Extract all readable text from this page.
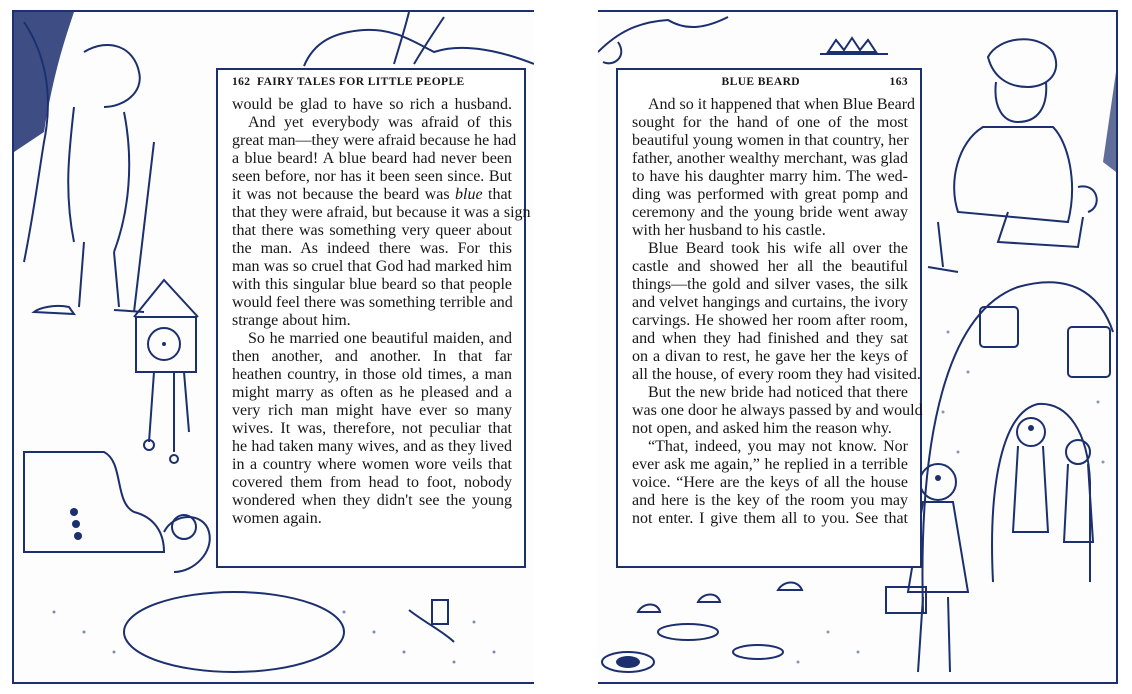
162 FAIRY TALES FOR LITTLE PEOPLE
would be glad to have so rich a husband.
And yet everybody was afraid of this
great man—they were afraid because he had
a blue beard! A blue beard had never been
seen before, nor has it been seen since. But
it was not because the beard was blue that
that they were afraid, but because it was a sign
that there was something very queer about
the man. As indeed there was. For this
man was so cruel that God had marked him
with this singular blue beard so that people
would feel there was something terrible and
strange about him.
So he married one beautiful maiden, and
then another, and another. In that far
heathen country, in those old times, a man
might marry as often as he pleased and a
very rich man might have ever so many
wives. It was, therefore, not peculiar that
he had taken many wives, and as they lived
in a country where women wore veils that
covered them from head to foot, nobody
wondered when they didn't see the young
women again.
BLUE BEARD	163
And so it happened that when Blue Beard
sought for the hand of one of the most
beautiful young women in that country, her
father, another wealthy merchant, was glad
to have his daughter marry him. The wed-
ding was performed with great pomp and
ceremony and the young bride went away
with her husband to his castle.
Blue Beard took his wife all over the
castle and showed her all the beautiful
things—the gold and silver vases, the silk
and velvet hangings and curtains, the ivory
carvings. He showed her room after room,
and when they had finished and they sat
on a divan to rest, he gave her the keys of
all the house, of every room they had visited.
But the new bride had noticed that there
was one door he always passed by and would
not open, and asked him the reason why.
“That, indeed, you may not know. Nor
ever ask me again,” he replied in a terrible
voice. “Here are the keys of all the house
and here is the key of the room you may
not enter. I give them all to you. See that
